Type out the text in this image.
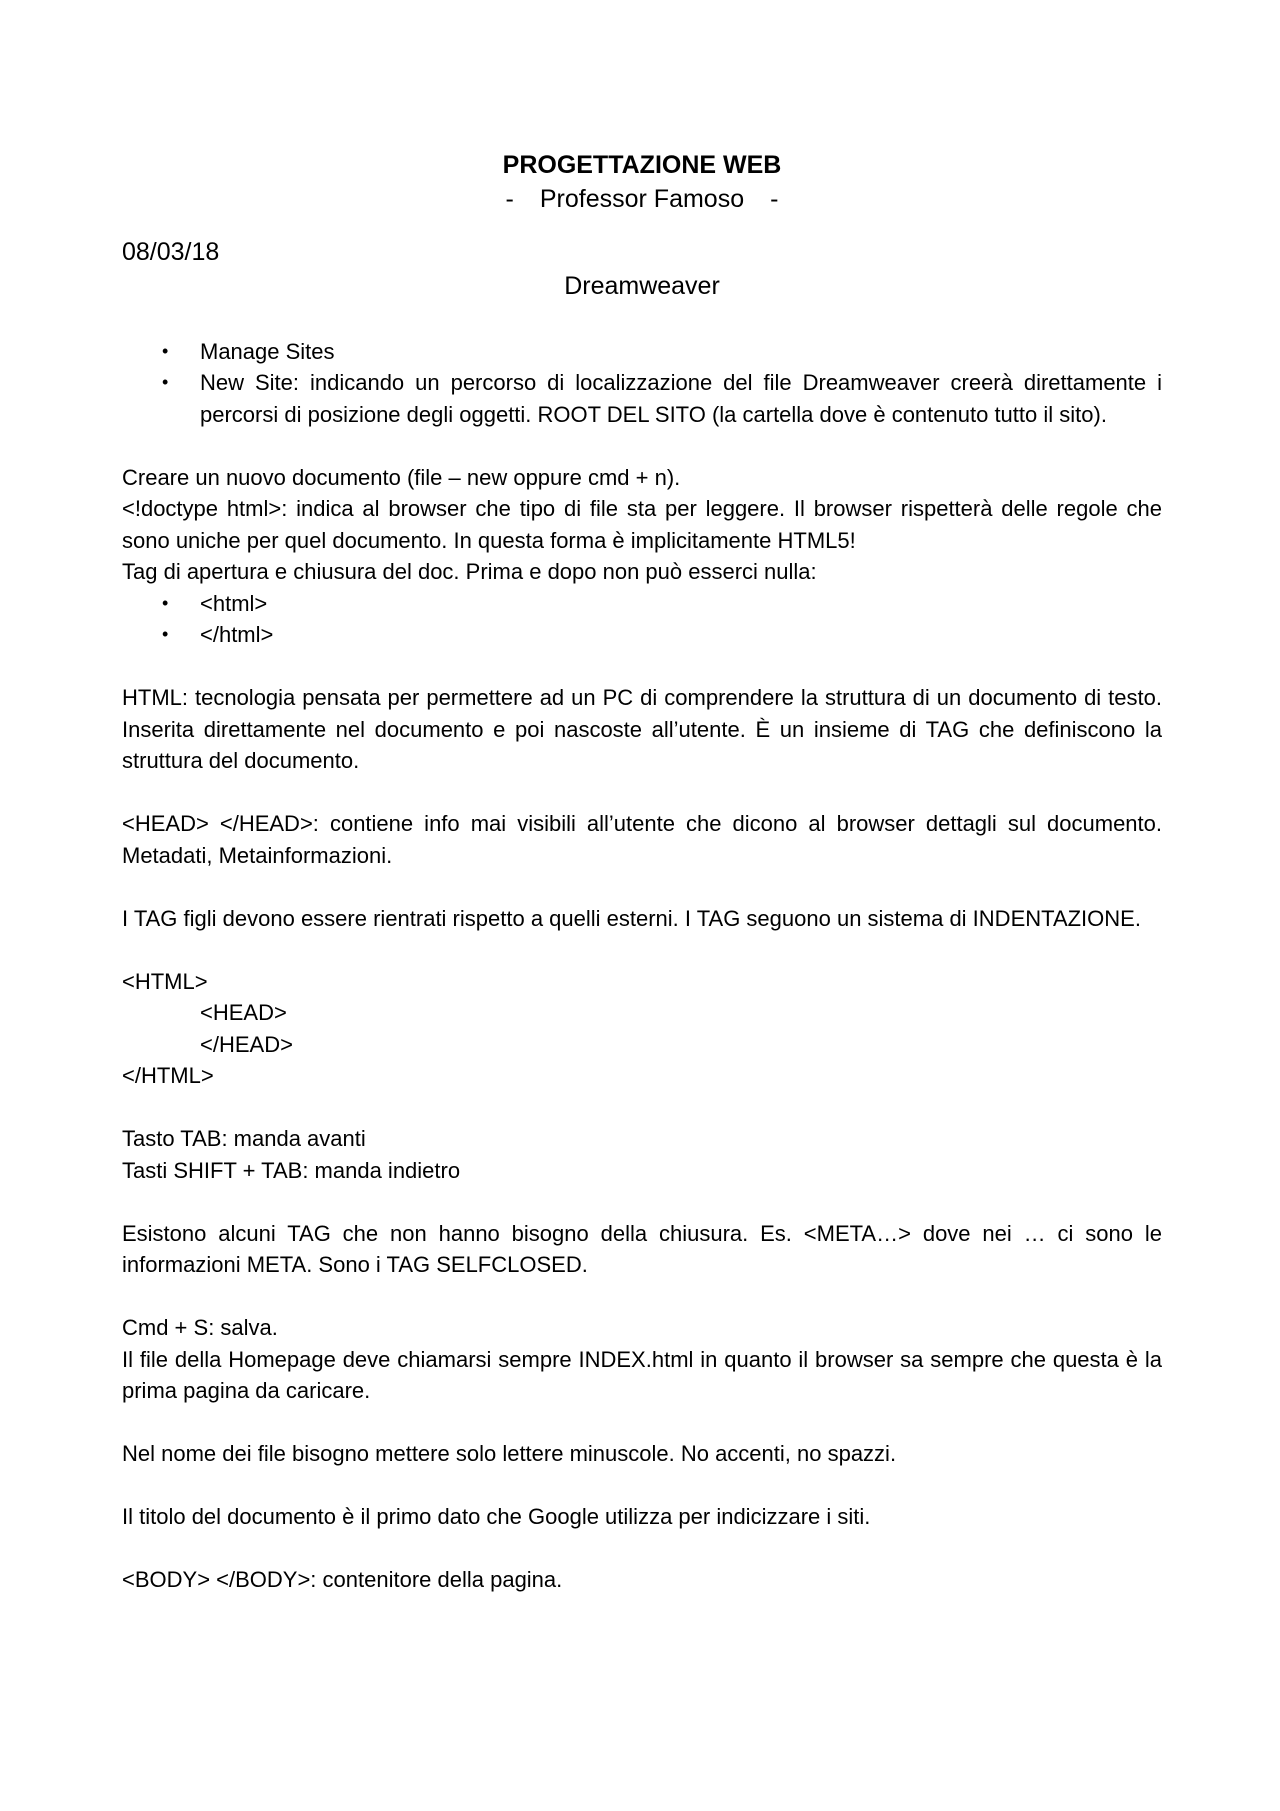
PROGETTAZIONE WEB

- Professor Famoso -

08/03/18

Dreamweaver

• Manage Sites
• New Site: indicando un percorso di localizzazione del file Dreamweaver creerà direttamente i percorsi di posizione degli oggetti. ROOT DEL SITO (la cartella dove è contenuto tutto il sito).

Creare un nuovo documento (file – new oppure cmd + n).

<!doctype html>: indica al browser che tipo di file sta per leggere. Il browser rispetterà delle regole che sono uniche per quel documento. In questa forma è implicitamente HTML5!

Tag di apertura e chiusura del doc. Prima e dopo non può esserci nulla:

• <html>
• </html>

HTML: tecnologia pensata per permettere ad un PC di comprendere la struttura di un documento di testo. Inserita direttamente nel documento e poi nascoste all’utente. È un insieme di TAG che definiscono la struttura del documento.

<HEAD> </HEAD>: contiene info mai visibili all’utente che dicono al browser dettagli sul documento. Metadati, Metainformazioni.

I TAG figli devono essere rientrati rispetto a quelli esterni. I TAG seguono un sistema di INDENTAZIONE.

<HTML>

<HEAD>

</HEAD>

</HTML>

Tasto TAB: manda avanti

Tasti SHIFT + TAB: manda indietro

Esistono alcuni TAG che non hanno bisogno della chiusura. Es. <META…> dove nei … ci sono le informazioni META. Sono i TAG SELFCLOSED.

Cmd + S: salva.

Il file della Homepage deve chiamarsi sempre INDEX.html in quanto il browser sa sempre che questa è la prima pagina da caricare.

Nel nome dei file bisogno mettere solo lettere minuscole. No accenti, no spazzi.

Il titolo del documento è il primo dato che Google utilizza per indicizzare i siti.

<BODY> </BODY>: contenitore della pagina.
